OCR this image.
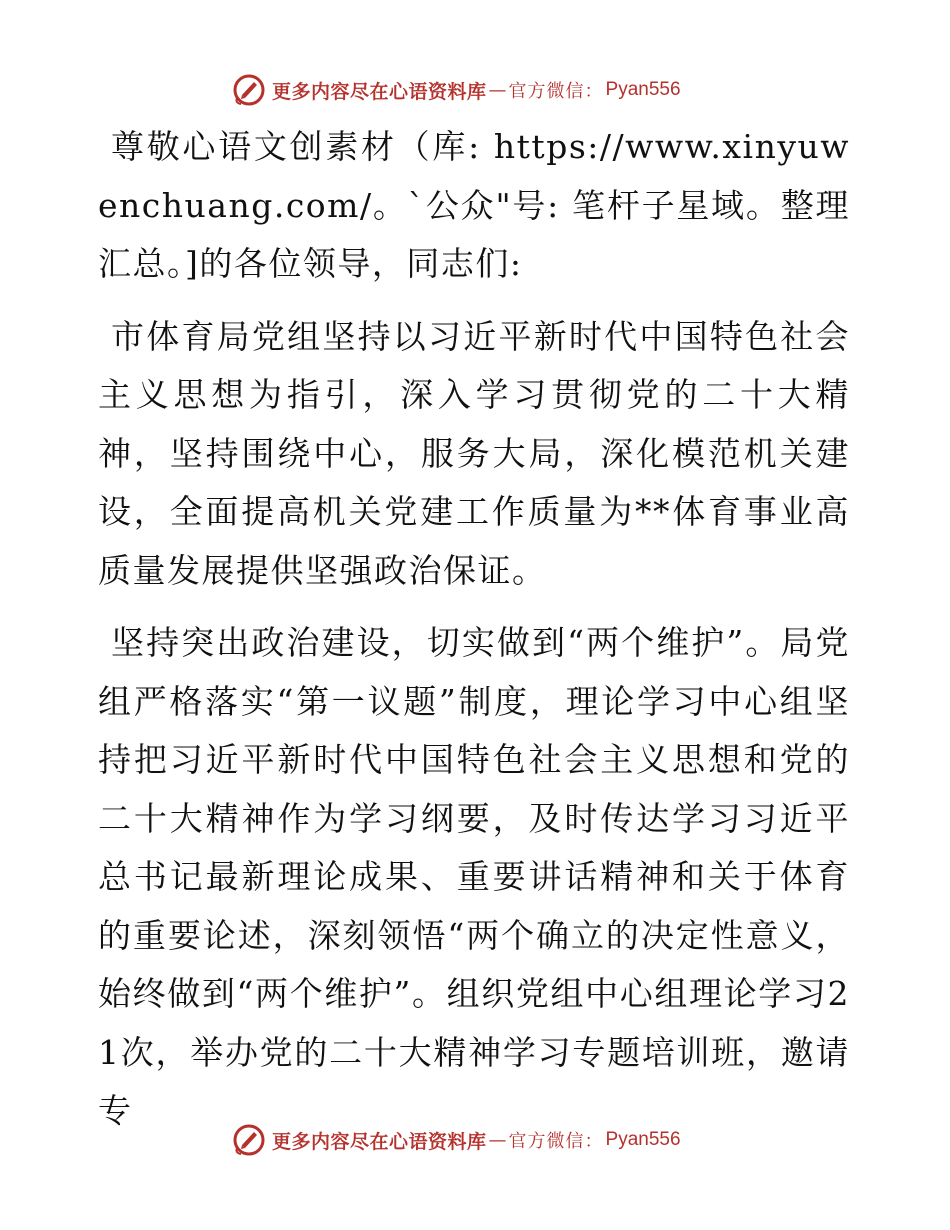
更多内容尽在心语资料库 — 官方微信： Pyan556

尊敬心语文创素材（库: https://www.xinyuwenchuang.com/。`公众"号: 笔杆子星域。整理汇总。]的各位领导，同志们:

市体育局党组坚持以习近平新时代中国特色社会主义思想为指引，深入学习贯彻党的二十大精神，坚持围绕中心，服务大局，深化模范机关建设，全面提高机关党建工作质量为**体育事业高质量发展提供坚强政治保证。

坚持突出政治建设，切实做到“两个维护”。局党组严格落实“第一议题”制度，理论学习中心组坚持把习近平新时代中国特色社会主义思想和党的二十大精神作为学习纲要，及时传达学习习近平总书记最新理论成果、重要讲话精神和关于体育的重要论述，深刻领悟“两个确立的决定性意义，始终做到“两个维护”。组织党组中心组理论学习21次，举办党的二十大精神学习专题培训班，邀请专

更多内容尽在心语资料库 — 官方微信： Pyan556
